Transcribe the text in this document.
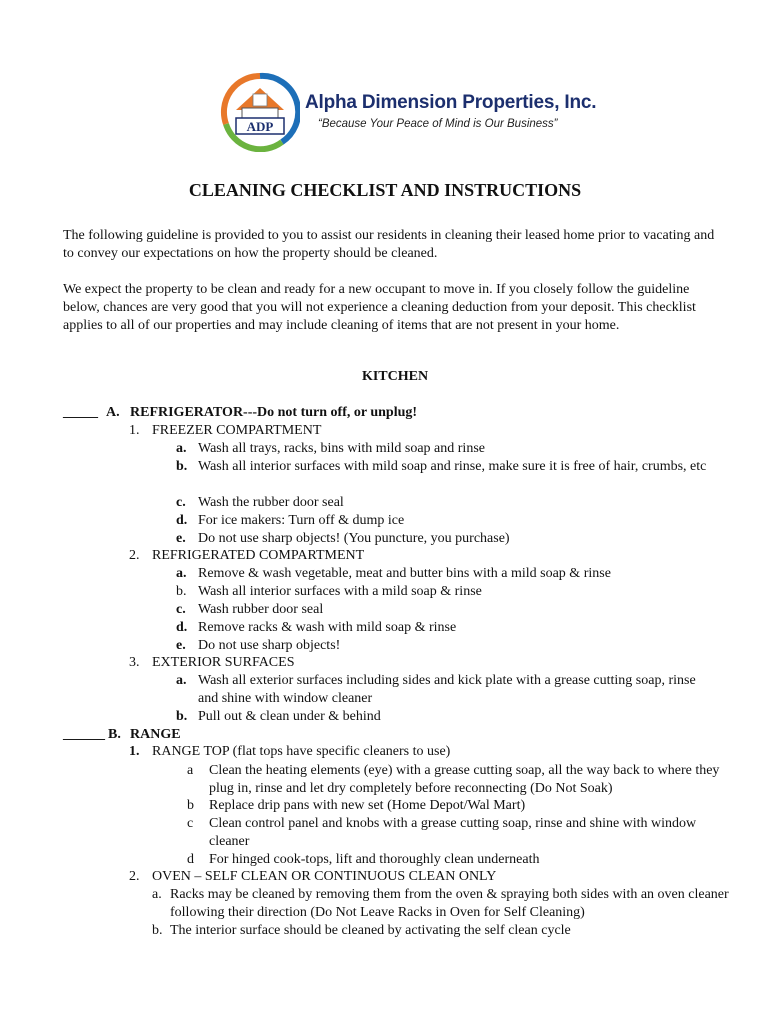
ADP
Alpha Dimension Properties, Inc.
“Because Your Peace of Mind is Our Business”
CLEANING CHECKLIST AND INSTRUCTIONS
The following guideline is provided to you to assist our residents in cleaning their leased home prior to vacating and to convey our expectations on how the property should be cleaned.
We expect the property to be clean and ready for a new occupant to move in. If you closely follow the guideline below, chances are very good that you will not experience a cleaning deduction from your deposit. This checklist applies to all of our properties and may include cleaning of items that are not present in your home.
KITCHEN
_____ A. REFRIGERATOR---Do not turn off, or unplug!
1. FREEZER COMPARTMENT
a. Wash all trays, racks, bins with mild soap and rinse
b. Wash all interior surfaces with mild soap and rinse, make sure it is free of hair, crumbs, etc
c. Wash the rubber door seal
d. For ice makers: Turn off & dump ice
e. Do not use sharp objects! (You puncture, you purchase)
2. REFRIGERATED COMPARTMENT
a. Remove & wash vegetable, meat and butter bins with a mild soap & rinse
b. Wash all interior surfaces with a mild soap & rinse
c. Wash rubber door seal
d. Remove racks & wash with mild soap & rinse
e. Do not use sharp objects!
3. EXTERIOR SURFACES
a. Wash all exterior surfaces including sides and kick plate with a grease cutting soap, rinse and shine with window cleaner
b. Pull out & clean under & behind
______ B. RANGE
1. RANGE TOP (flat tops have specific cleaners to use)
a Clean the heating elements (eye) with a grease cutting soap, all the way back to where they plug in, rinse and let dry completely before reconnecting (Do Not Soak)
b Replace drip pans with new set (Home Depot/Wal Mart)
c Clean control panel and knobs with a grease cutting soap, rinse and shine with window cleaner
d For hinged cook-tops, lift and thoroughly clean underneath
2. OVEN – SELF CLEAN OR CONTINUOUS CLEAN ONLY
a. Racks may be cleaned by removing them from the oven & spraying both sides with an oven cleaner following their direction (Do Not Leave Racks in Oven for Self Cleaning)
b. The interior surface should be cleaned by activating the self clean cycle
